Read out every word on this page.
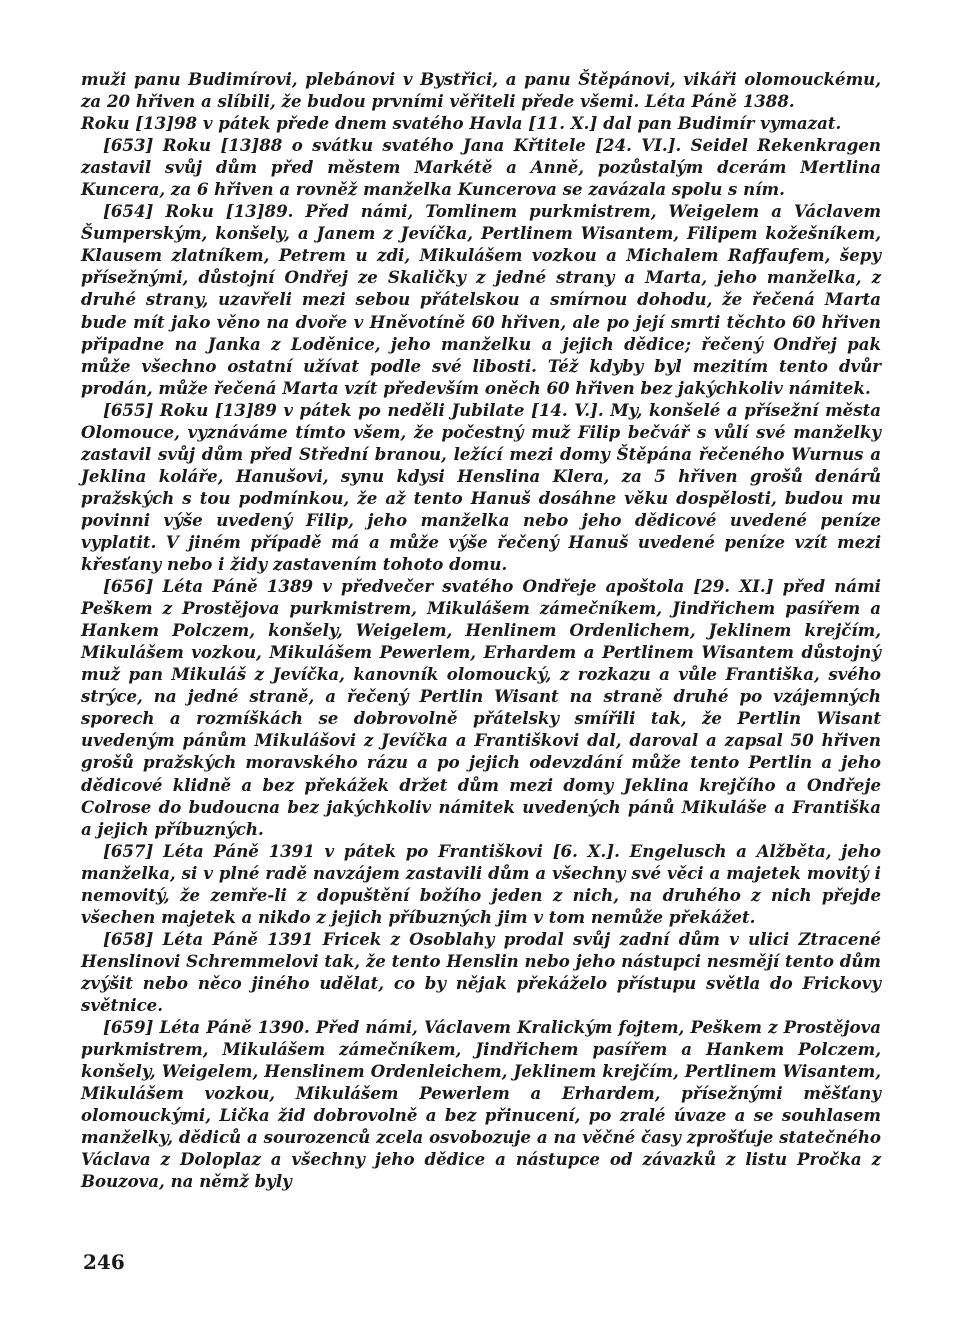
muži panu Budimírovi, plebánovi v Bystřici, a panu Štěpánovi, vikáři olomouckému, za 20 hřiven a slíbili, že budou prvními věřiteli přede všemi. Léta Páně 1388.

Roku [13]98 v pátek přede dnem svatého Havla [11. X.] dal pan Budimír vymazat.

[653] Roku [13]88 o svátku svatého Jana Křtitele [24. VI.]. Seidel Rekenkragen zastavil svůj dům před městem Markétě a Anně, pozůstalým dcerám Mertlina Kuncera, za 6 hřiven a rovněž manželka Kuncerova se zavázala spolu s ním.

[654] Roku [13]89. Před námi, Tomlinem purkmistrem, Weigelem a Václavem Šumperským, konšely, a Janem z Jevíčka, Pertlinem Wisantem, Filipem kožešníkem, Klausem zlatníkem, Petrem u zdi, Mikulášem vozkou a Michalem Raffaufem, šepy přísežnými, důstojní Ondřej ze Skaličky z jedné strany a Marta, jeho manželka, z druhé strany, uzavřeli mezi sebou přátelskou a smírnou dohodu, že řečená Marta bude mít jako věno na dvoře v Hněvotíně 60 hřiven, ale po její smrti těchto 60 hřiven připadne na Janka z Loděnice, jeho manželku a jejich dědice; řečený Ondřej pak může všechno ostatní užívat podle své libosti. Též kdyby byl mezitím tento dvůr prodán, může řečená Marta vzít především oněch 60 hřiven bez jakýchkoliv námitek.

[655] Roku [13]89 v pátek po neděli Jubilate [14. V.]. My, konšelé a přísežní města Olomouce, vyznáváme tímto všem, že počestný muž Filip bečvář s vůlí své manželky zastavil svůj dům před Střední branou, ležící mezi domy Štěpána řečeného Wurnus a Jeklina koláře, Hanušovi, synu kdysi Henslina Klera, za 5 hřiven grošů denárů pražských s tou podmínkou, že až tento Hanuš dosáhne věku dospělosti, budou mu povinni výše uvedený Filip, jeho manželka nebo jeho dědicové uvedené peníze vyplatit. V jiném případě má a může výše řečený Hanuš uvedené peníze vzít mezi křesťany nebo i židy zastavením tohoto domu.

[656] Léta Páně 1389 v předvečer svatého Ondřeje apoštola [29. XI.] před námi Peškem z Prostějova purkmistrem, Mikulášem zámečníkem, Jindřichem pasířem a Hankem Polczem, konšely, Weigelem, Henlinem Ordenlichem, Jeklinem krejčím, Mikulášem vozkou, Mikulášem Pewerlem, Erhardem a Pertlinem Wisantem důstojný muž pan Mikuláš z Jevíčka, kanovník olomoucký, z rozkazu a vůle Františka, svého strýce, na jedné straně, a řečený Pertlin Wisant na straně druhé po vzájemných sporech a rozmíškách se dobrovolně přátelsky smířili tak, že Pertlin Wisant uvedeným pánům Mikulášovi z Jevíčka a Františkovi dal, daroval a zapsal 50 hřiven grošů pražských moravského rázu a po jejich odevzdání může tento Pertlin a jeho dědicové klidně a bez překážek držet dům mezi domy Jeklina krejčího a Ondřeje Colrose do budoucna bez jakýchkoliv námitek uvedených pánů Mikuláše a Františka a jejich příbuzných.

[657] Léta Páně 1391 v pátek po Františkovi [6. X.]. Engelusch a Alžběta, jeho manželka, si v plné radě navzájem zastavili dům a všechny své věci a majetek movitý i nemovitý, že zemře-li z dopuštění božího jeden z nich, na druhého z nich přejde všechen majetek a nikdo z jejich příbuzných jim v tom nemůže překážet.

[658] Léta Páně 1391 Fricek z Osoblahy prodal svůj zadní dům v ulici Ztracené Henslinovi Schremmelovi tak, že tento Henslin nebo jeho nástupci nesmějí tento dům zvýšit nebo něco jiného udělat, co by nějak překáželo přístupu světla do Frickovy světnice.

[659] Léta Páně 1390. Před námi, Václavem Kralickým fojtem, Peškem z Prostějova purkmistrem, Mikulášem zámečníkem, Jindřichem pasířem a Hankem Polczem, konšely, Weigelem, Henslinem Ordenleichem, Jeklinem krejčím, Pertlinem Wisantem, Mikulášem vozkou, Mikulášem Pewerlem a Erhardem, přísežnými měšťany olomouckými, Lička žid dobrovolně a bez přinucení, po zralé úvaze a se souhlasem manželky, dědiců a sourozenců zcela osvobozuje a na věčné časy zprošťuje statečného Václava z Doloplaz a všechny jeho dědice a nástupce od závazků z listu Pročka z Bouzova, na němž byly

246
